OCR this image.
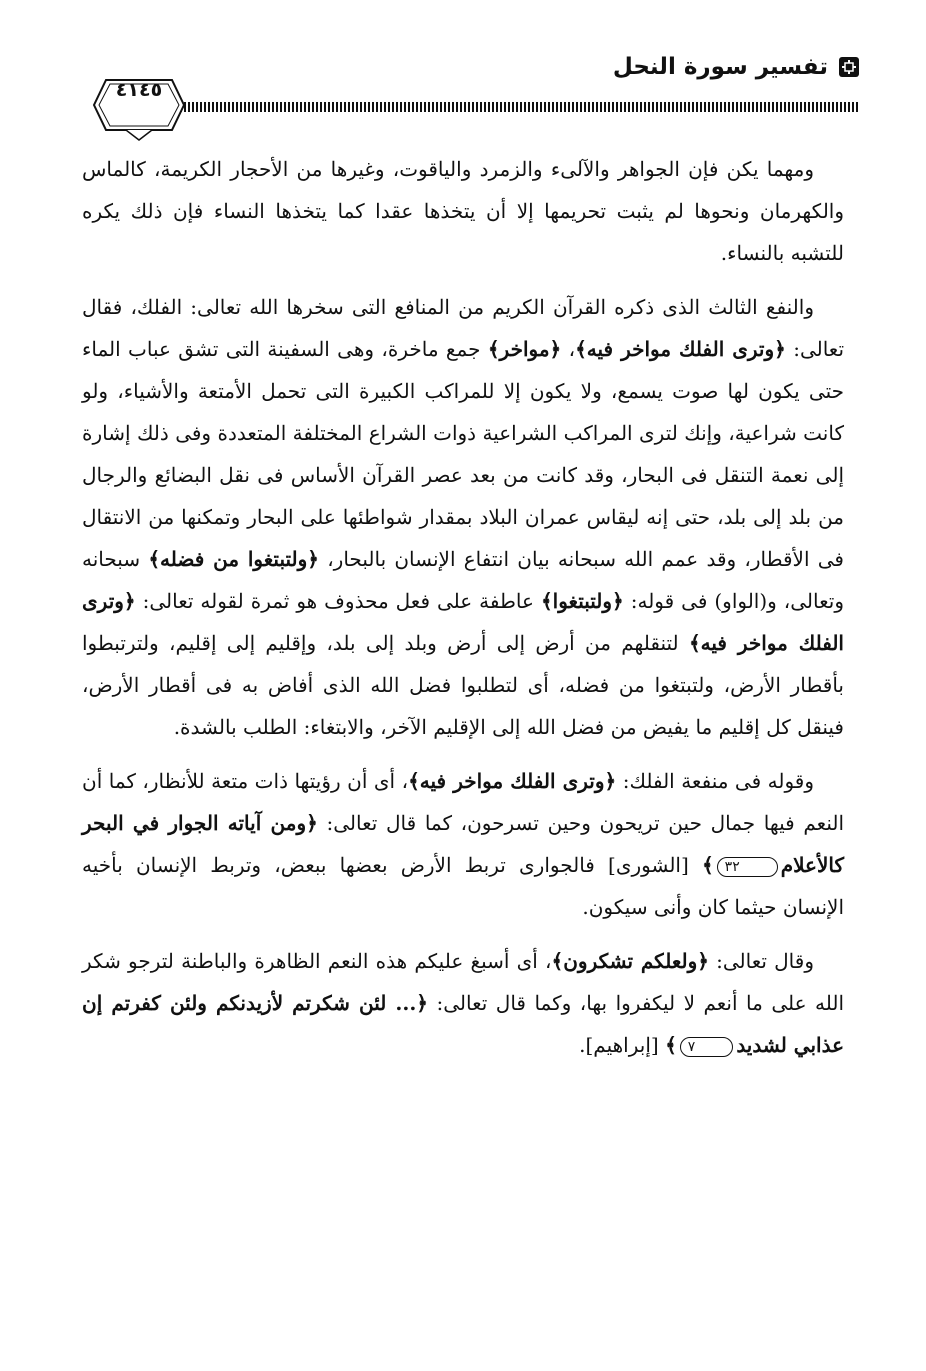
تفسير سورة النحل
٤١٤٥

ومهما يكن فإن الجواهر والآلىء والزمرد والياقوت، وغيرها من الأحجار الكريمة، كالماس والكهرمان ونحوها لم يثبت تحريمها إلا أن يتخذها عقدا كما يتخذها النساء فإن ذلك يكره للتشبه بالنساء.

والنفع الثالث الذى ذكره القرآن الكريم من المنافع التى سخرها الله تعالى: الفلك، فقال تعالى: ﴿وترى الفلك مواخر فيه﴾، ﴿مواخر﴾ جمع ماخرة، وهى السفينة التى تشق عباب الماء حتى يكون لها صوت يسمع، ولا يكون إلا للمراكب الكبيرة التى تحمل الأمتعة والأشياء، ولو كانت شراعية، وإنك لترى المراكب الشراعية ذوات الشراع المختلفة المتعددة وفى ذلك إشارة إلى نعمة التنقل فى البحار، وقد كانت من بعد عصر القرآن الأساس فى نقل البضائع والرجال من بلد إلى بلد، حتى إنه ليقاس عمران البلاد بمقدار شواطئها على البحار وتمكنها من الانتقال فى الأقطار، وقد عمم الله سبحانه بيان انتفاع الإنسان بالبحار، ﴿ولتبتغوا من فضله﴾ سبحانه وتعالى، و(الواو) فى قوله: ﴿ولتبتغوا﴾ عاطفة على فعل محذوف هو ثمرة لقوله تعالى: ﴿وترى الفلك مواخر فيه﴾ لتنقلهم من أرض إلى أرض وبلد إلى بلد، وإقليم إلى إقليم، ولترتبطوا بأقطار الأرض، ولتبتغوا من فضله، أى لتطلبوا فضل الله الذى أفاض به فى أقطار الأرض، فينقل كل إقليم ما يفيض من فضل الله إلى الإقليم الآخر، والابتغاء: الطلب بالشدة.

وقوله فى منفعة الفلك: ﴿وترى الفلك مواخر فيه﴾، أى أن رؤيتها ذات متعة للأنظار، كما أن النعم فيها جمال حين تريحون وحين تسرحون، كما قال تعالى: ﴿ومن آياته الجوار في البحر كالأعلام٣٢﴾ [الشورى] فالجوارى تربط الأرض بعضها ببعض، وتربط الإنسان بأخيه الإنسان حيثما كان وأنى سيكون.

وقال تعالى: ﴿ولعلكم تشكرون﴾، أى أسبغ عليكم هذه النعم الظاهرة والباطنة لترجو شكر الله على ما أنعم لا ليكفروا بها، وكما قال تعالى: ﴿... لئن شكرتم لأزيدنكم ولئن كفرتم إن عذابي لشديد٧﴾ [إبراهيم].
